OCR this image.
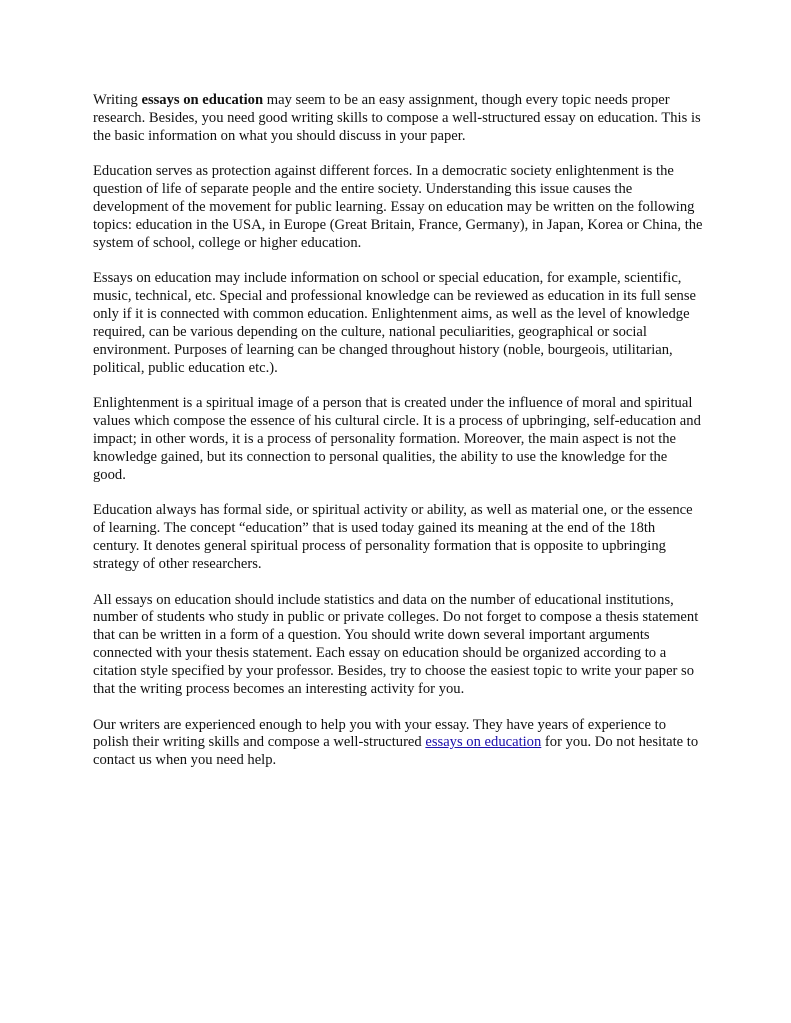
Writing essays on education may seem to be an easy assignment, though every topic needs proper research. Besides, you need good writing skills to compose a well-structured essay on education. This is the basic information on what you should discuss in your paper.

Education serves as protection against different forces. In a democratic society enlightenment is the question of life of separate people and the entire society. Understanding this issue causes the development of the movement for public learning. Essay on education may be written on the following topics: education in the USA, in Europe (Great Britain, France, Germany), in Japan, Korea or China, the system of school, college or higher education.

Essays on education may include information on school or special education, for example, scientific, music, technical, etc. Special and professional knowledge can be reviewed as education in its full sense only if it is connected with common education. Enlightenment aims, as well as the level of knowledge required, can be various depending on the culture, national peculiarities, geographical or social environment. Purposes of learning can be changed throughout history (noble, bourgeois, utilitarian, political, public education etc.).

Enlightenment is a spiritual image of a person that is created under the influence of moral and spiritual values which compose the essence of his cultural circle. It is a process of upbringing, self-education and impact; in other words, it is a process of personality formation. Moreover, the main aspect is not the knowledge gained, but its connection to personal qualities, the ability to use the knowledge for the good.

Education always has formal side, or spiritual activity or ability, as well as material one, or the essence of learning. The concept “education” that is used today gained its meaning at the end of the 18th century. It denotes general spiritual process of personality formation that is opposite to upbringing strategy of other researchers.

All essays on education should include statistics and data on the number of educational institutions, number of students who study in public or private colleges. Do not forget to compose a thesis statement that can be written in a form of a question. You should write down several important arguments connected with your thesis statement. Each essay on education should be organized according to a citation style specified by your professor. Besides, try to choose the easiest topic to write your paper so that the writing process becomes an interesting activity for you.

Our writers are experienced enough to help you with your essay. They have years of experience to polish their writing skills and compose a well-structured essays on education for you. Do not hesitate to contact us when you need help.
